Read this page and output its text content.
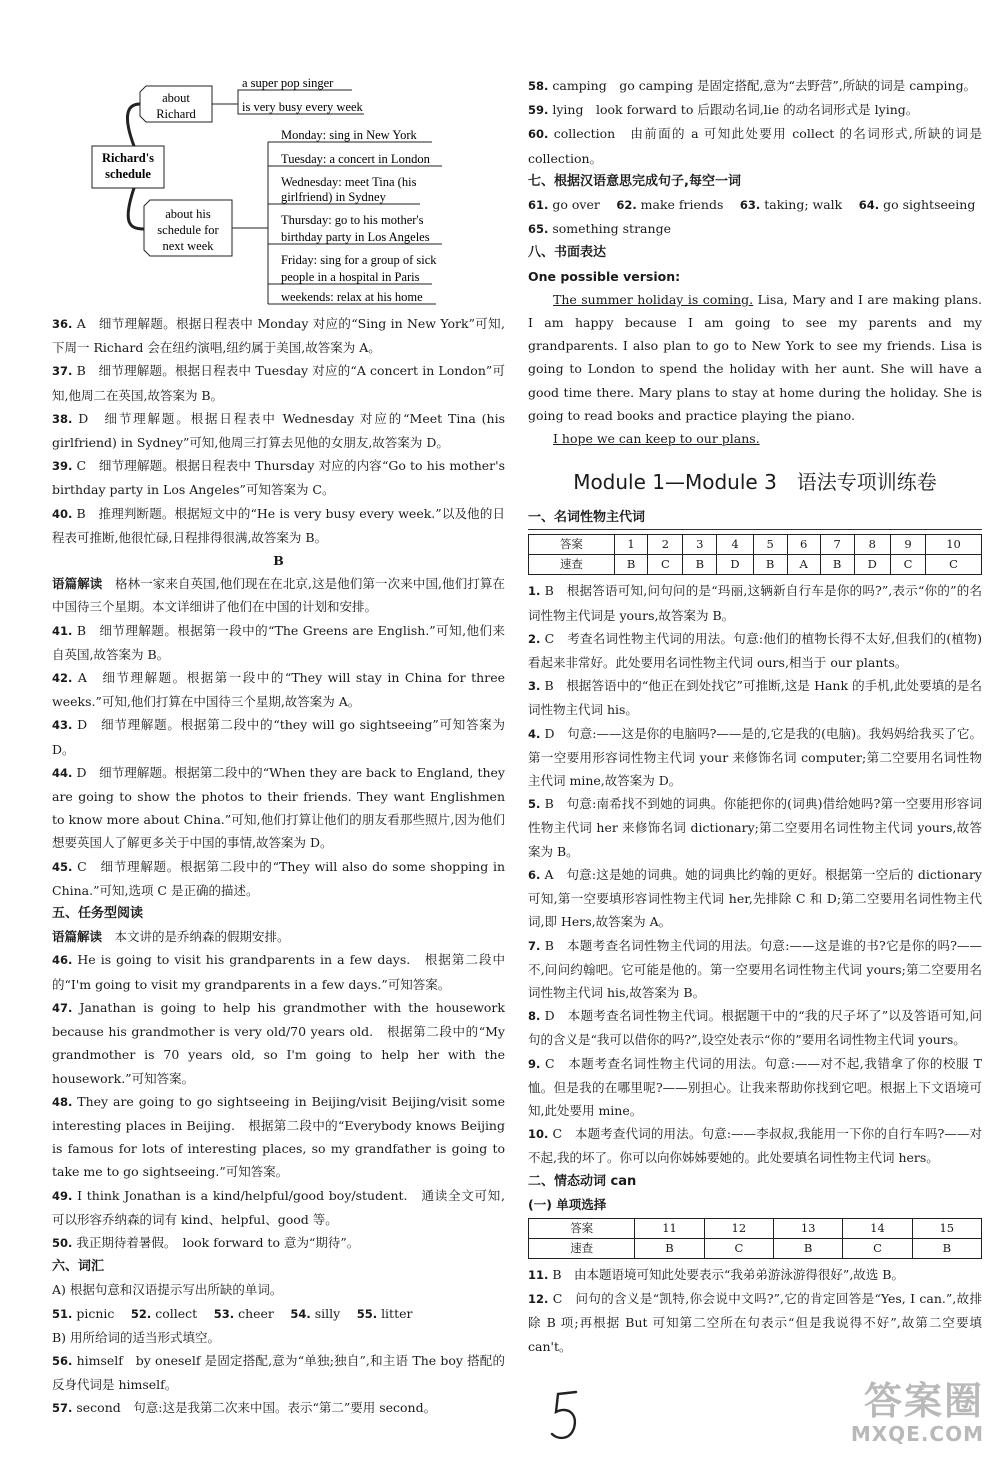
Richard's
schedule
about
Richard
about his
schedule for
next week
a super pop singer
is very busy every week
Monday: sing in New York
Tuesday: a concert in London
Wednesday: meet Tina (his
girlfriend) in Sydney
Thursday: go to his mother's
birthday party in Los Angeles
Friday: sing for a group of sick
people in a hospital in Paris
weekends: relax at his home

36. A　细节理解题。根据日程表中 Monday 对应的“Sing in New York”可知,下周一 Richard 会在纽约演唱,纽约属于美国,故答案为 A。

37. B　细节理解题。根据日程表中 Tuesday 对应的“A concert in London”可知,他周二在英国,故答案为 B。

38. D　细节理解题。根据日程表中 Wednesday 对应的“Meet Tina (his girlfriend) in Sydney”可知,他周三打算去见他的女朋友,故答案为 D。

39. C　细节理解题。根据日程表中 Thursday 对应的内容“Go to his mother's birthday party in Los Angeles”可知答案为 C。

40. B　推理判断题。根据短文中的“He is very busy every week.”以及他的日程表可推断,他很忙碌,日程排得很满,故答案为 B。

B

语篇解读　 格林一家来自英国,他们现在在北京,这是他们第一次来中国,他们打算在中国待三个星期。本文详细讲了他们在中国的计划和安排。

41. B　细节理解题。根据第一段中的“The Greens are English.”可知,他们来自英国,故答案为 B。

42. A　细节理解题。根据第一段中的“They will stay in China for three weeks.”可知,他们打算在中国待三个星期,故答案为 A。

43. D　细节理解题。根据第二段中的“they will go sightseeing”可知答案为 D。

44. D　细节理解题。根据第二段中的“When they are back to England, they are going to show the photos to their friends. They want Englishmen to know more about China.”可知,他们打算让他们的朋友看那些照片,因为他们想要英国人了解更多关于中国的事情,故答案为 D。

45. C　细节理解题。根据第二段中的“They will also do some shopping in China.”可知,选项 C 是正确的描述。

五、任务型阅读

语篇解读　 本文讲的是乔纳森的假期安排。

46. He is going to visit his grandparents in a few days.　根据第二段中的“I'm going to visit my grandparents in a few days.”可知答案。

47. Janathan is going to help his grandmother with the housework because his grandmother is very old/70 years old.　根据第二段中的“My grandmother is 70 years old, so I'm going to help her with the housework.”可知答案。

48. They are going to go sightseeing in Beijing/visit Beijing/visit some interesting places in Beijing.　根据第二段中的“Everybody knows Beijing is famous for lots of interesting places, so my grandfather is going to take me to go sightseeing.”可知答案。

49. I think Jonathan is a kind/helpful/good boy/student.　通读全文可知,可以形容乔纳森的词有 kind、helpful、good 等。

50. 我正期待着暑假。　look forward to 意为“期待”。

六、词汇

A) 根据句意和汉语提示写出所缺的单词。

51. picnic　 52. collect　 53. cheer　 54. silly　 55. litter

B) 用所给词的适当形式填空。

56. himself　by oneself 是固定搭配,意为“单独;独自”,和主语 The boy 搭配的反身代词是 himself。

57. second　句意:这是我第二次来中国。表示“第二”要用 second。

58. camping　go camping 是固定搭配,意为“去野营”,所缺的词是 camping。

59. lying　look forward to 后跟动名词,lie 的动名词形式是 lying。

60. collection　由前面的 a 可知此处要用 collect 的名词形式,所缺的词是 collection。

七、根据汉语意思完成句子,每空一词

61. go over　 62. make friends　 63. taking; walk　 64. go sightseeing

65. something strange

八、书面表达

One possible version:

The summer holiday is coming. Lisa, Mary and I are making plans. I am happy because I am going to see my parents and my grandparents. I also plan to go to New York to see my friends. Lisa is going to London to spend the holiday with her aunt. She will have a good time there. Mary plans to stay at home during the holiday. She is going to read books and practice playing the piano.

I hope we can keep to our plans.

Module 1—Module 3　语法专项训练卷

一、名词性物主代词

答案	1	2	3	4	5	6	7	8	9	10
速查	B	C	B	D	B	A	B	D	C	C

1. B　根据答语可知,问句问的是“玛丽,这辆新自行车是你的吗?”,表示“你的”的名词性物主代词是 yours,故答案为 B。

2. C　考查名词性物主代词的用法。句意:他们的植物长得不太好,但我们的(植物)看起来非常好。此处要用名词性物主代词 ours,相当于 our plants。

3. B　根据答语中的“他正在到处找它”可推断,这是 Hank 的手机,此处要填的是名词性物主代词 his。

4. D　句意:——这是你的电脑吗?——是的,它是我的(电脑)。我妈妈给我买了它。第一空要用形容词性物主代词 your 来修饰名词 computer;第二空要用名词性物主代词 mine,故答案为 D。

5. B　句意:南希找不到她的词典。你能把你的(词典)借给她吗?第一空要用形容词性物主代词 her 来修饰名词 dictionary;第二空要用名词性物主代词 yours,故答案为 B。

6. A　句意:这是她的词典。她的词典比约翰的更好。根据第一空后的 dictionary 可知,第一空要填形容词性物主代词 her,先排除 C 和 D;第二空要用名词性物主代词,即 Hers,故答案为 A。

7. B　本题考查名词性物主代词的用法。句意:——这是谁的书?它是你的吗?——不,问问约翰吧。它可能是他的。第一空要用名词性物主代词 yours;第二空要用名词性物主代词 his,故答案为 B。

8. D　本题考查名词性物主代词。根据题干中的“我的尺子坏了”以及答语可知,问句的含义是“我可以借你的吗?”,设空处表示“你的”要用名词性物主代词 yours。

9. C　本题考查名词性物主代词的用法。句意:——对不起,我错拿了你的校服 T 恤。但是我的在哪里呢?——别担心。让我来帮助你找到它吧。根据上下文语境可知,此处要用 mine。

10. C　本题考查代词的用法。句意:——李叔叔,我能用一下你的自行车吗?——对不起,我的坏了。你可以向你姊姊要她的。此处要填名词性物主代词 hers。

二、情态动词 can

(一) 单项选择

答案	11	12	13	14	15
速查	B	C	B	C	B

11. B　由本题语境可知此处要表示“我弟弟游泳游得很好”,故选 B。

12. C　问句的含义是“凯特,你会说中文吗?”,它的肯定回答是“Yes, I can.”,故排除 B 项;再根据 But 可知第二空所在句表示“但是我说得不好”,故第二空要填 can't。

答案圈
MXQE.COM
